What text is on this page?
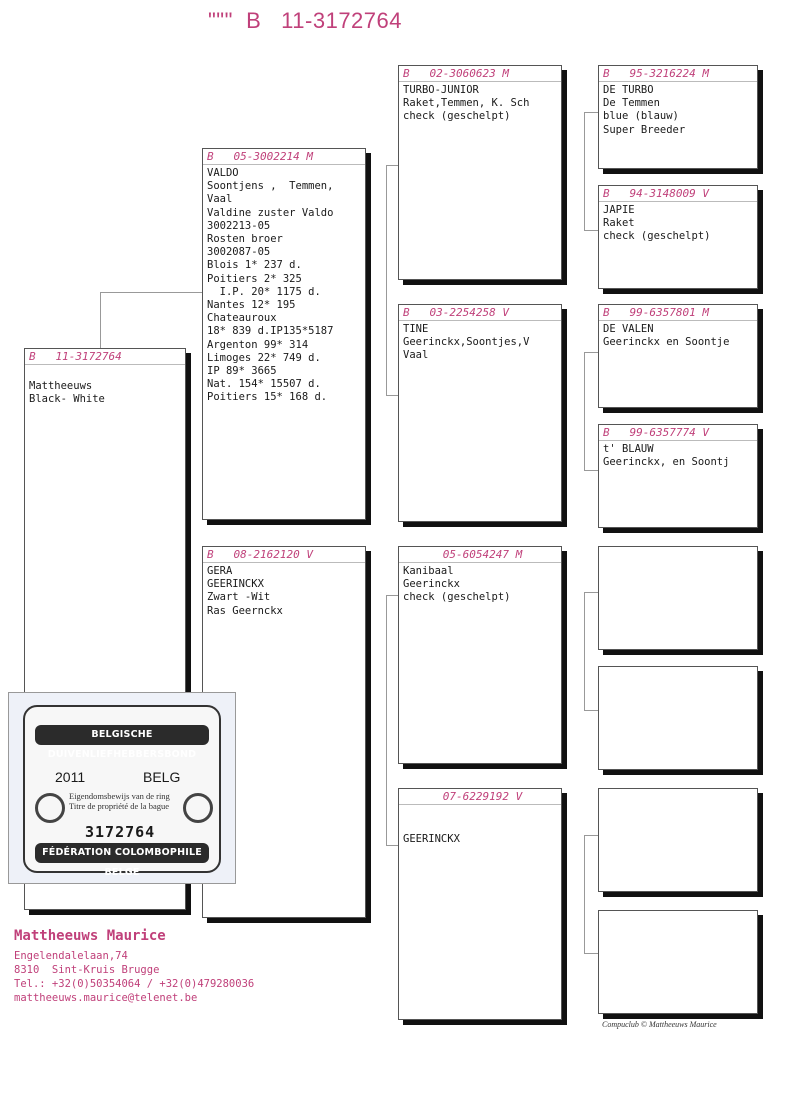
""" B   11-3172764
B   11-3172764

Mattheeuws
Black- White
B   05-3002214 M
VALDO
Soontjens ,  Temmen,
Vaal
Valdine zuster Valdo
3002213-05
Rosten broer
3002087-05
Blois 1* 237 d.
Poitiers 2* 325
I.P. 20* 1175 d.
Nantes 12* 195
Chateauroux
18* 839 d.IP135*5187
Argenton 99* 314
Limoges 22* 749 d.
IP 89* 3665
Nat. 154* 15507 d.
Poitiers 15* 168 d.
B   08-2162120 V
GERA
GEERINCKX
Zwart -Wit
Ras Geernckx
B   02-3060623 M
TURBO-JUNIOR
Raket,Temmen, K. Sch
check (geschelpt)
B   03-2254258 V
TINE
Geerinckx,Soontjes,V
Vaal
05-6054247 M
Kanibaal
Geerinckx
check (geschelpt)
07-6229192 V

GEERINCKX
B   95-3216224 M
DE TURBO
De Temmen
blue (blauw)
Super Breeder
B   94-3148009 V
JAPIE
Raket
check (geschelpt)
B   99-6357801 M
DE VALEN
Geerinckx en Soontje
B   99-6357774 V
t' BLAUW
Geerinckx, en Soontj
BELGISCHE DUIVENLIEFHEBBERSBOND
2011	BELG
Eigendomsbewijs van de ring
Titre de propriété de la bague
3172764
FÉDÉRATION COLOMBOPHILE BELGE
Mattheeuws Maurice
Engelendalelaan,74
8310  Sint-Kruis Brugge
Tel.: +32(0)50354064 / +32(0)479280036
mattheeuws.maurice@telenet.be
Compuclub © Mattheeuws Maurice
